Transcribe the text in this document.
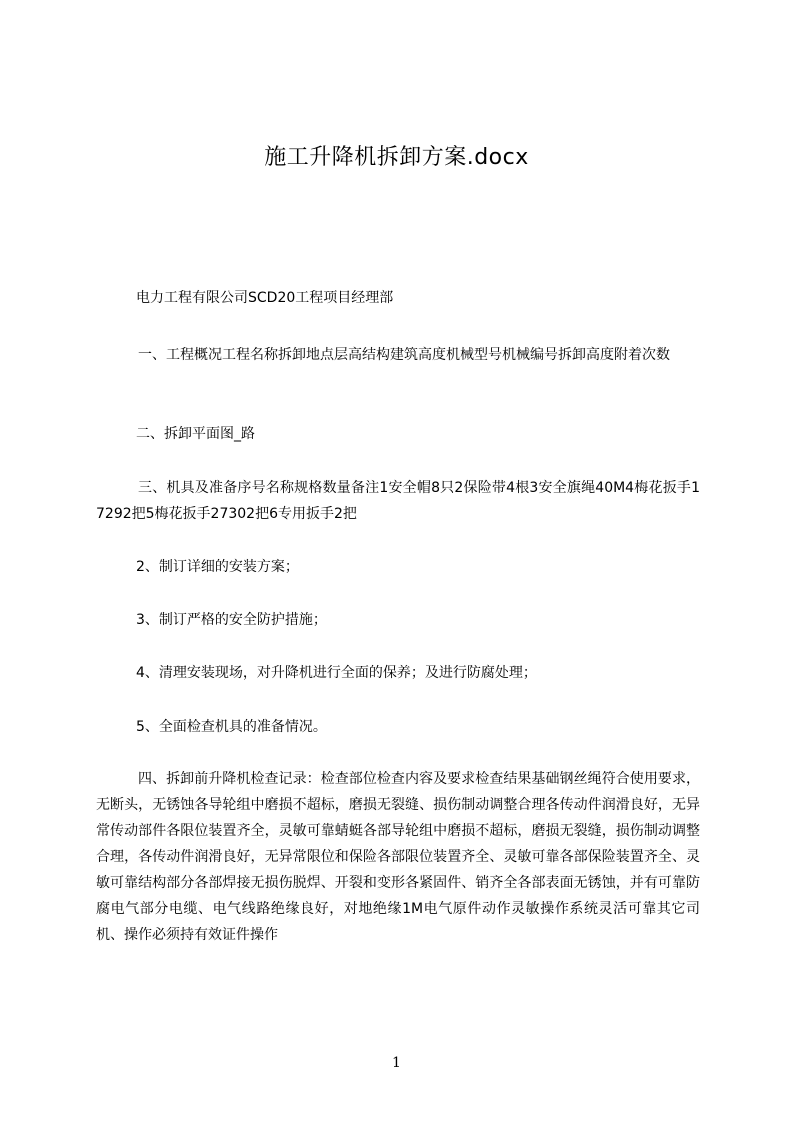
施工升降机拆卸方案.docx

电力工程有限公司SCD20工程项目经理部

一、工程概况工程名称拆卸地点层高结构建筑高度机械型号机械编号拆卸高度附着次数

二、拆卸平面图_路

三、机具及准备序号名称规格数量备注1安全帽8只2保险带4根3安全旗绳40M4梅花扳手17292把5梅花扳手27302把6专用扳手2把

2、制订详细的安装方案；

3、制订严格的安全防护措施；

4、清理安装现场，对升降机进行全面的保养；及进行防腐处理；

5、全面检查机具的准备情况。

四、拆卸前升降机检查记录：检查部位检查内容及要求检查结果基础钢丝绳符合使用要求，无断头，无锈蚀各导轮组中磨损不超标，磨损无裂缝、损伤制动调整合理各传动件润滑良好，无异常传动部件各限位装置齐全，灵敏可靠蜻蜓各部导轮组中磨损不超标，磨损无裂缝，损伤制动调整合理，各传动件润滑良好，无异常限位和保险各部限位装置齐全、灵敏可靠各部保险装置齐全、灵敏可靠结构部分各部焊接无损伤脱焊、开裂和变形各紧固件、销齐全各部表面无锈蚀，并有可靠防腐电气部分电缆、电气线路绝缘良好，对地绝缘1M电气原件动作灵敏操作系统灵活可靠其它司机、操作必须持有效证件操作

1
